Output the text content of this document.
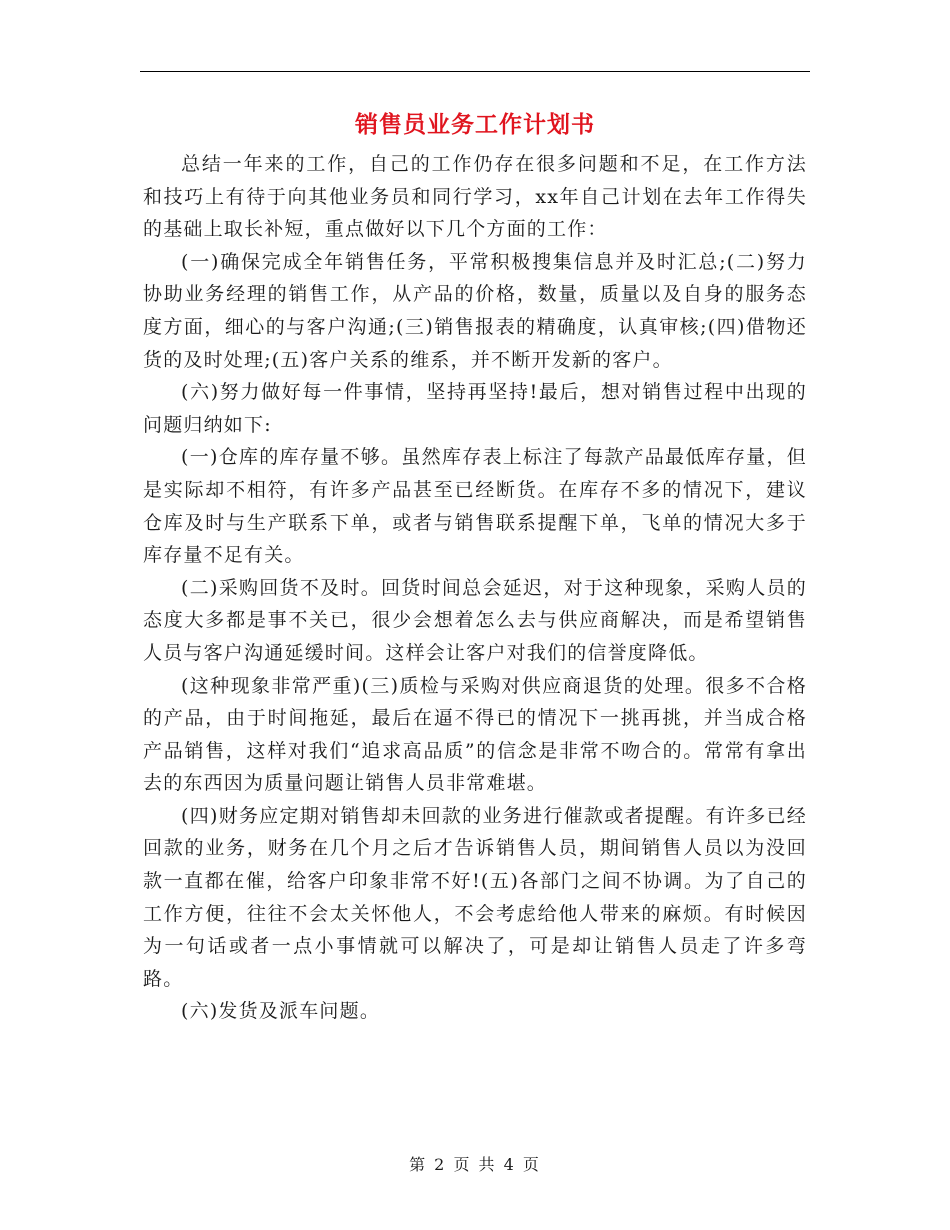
销售员业务工作计划书

总结一年来的工作，自己的工作仍存在很多问题和不足，在工作方法和技巧上有待于向其他业务员和同行学习，xx年自己计划在去年工作得失的基础上取长补短，重点做好以下几个方面的工作：

(一)确保完成全年销售任务，平常积极搜集信息并及时汇总;(二)努力协助业务经理的销售工作，从产品的价格，数量，质量以及自身的服务态度方面，细心的与客户沟通;(三)销售报表的精确度，认真审核;(四)借物还货的及时处理;(五)客户关系的维系，并不断开发新的客户。

(六)努力做好每一件事情，坚持再坚持!最后，想对销售过程中出现的问题归纳如下:

(一)仓库的库存量不够。虽然库存表上标注了每款产品最低库存量，但是实际却不相符，有许多产品甚至已经断货。在库存不多的情况下，建议仓库及时与生产联系下单，或者与销售联系提醒下单，飞单的情况大多于库存量不足有关。

(二)采购回货不及时。回货时间总会延迟，对于这种现象，采购人员的态度大多都是事不关已，很少会想着怎么去与供应商解决，而是希望销售人员与客户沟通延缓时间。这样会让客户对我们的信誉度降低。

(这种现象非常严重)(三)质检与采购对供应商退货的处理。很多不合格的产品，由于时间拖延，最后在逼不得已的情况下一挑再挑，并当成合格产品销售，这样对我们“追求高品质”的信念是非常不吻合的。常常有拿出去的东西因为质量问题让销售人员非常难堪。

(四)财务应定期对销售却未回款的业务进行催款或者提醒。有许多已经回款的业务，财务在几个月之后才告诉销售人员，期间销售人员以为没回款一直都在催，给客户印象非常不好!(五)各部门之间不协调。为了自己的工作方便，往往不会太关怀他人，不会考虑给他人带来的麻烦。有时候因为一句话或者一点小事情就可以解决了，可是却让销售人员走了许多弯路。

(六)发货及派车问题。

第 2 页 共 4 页
